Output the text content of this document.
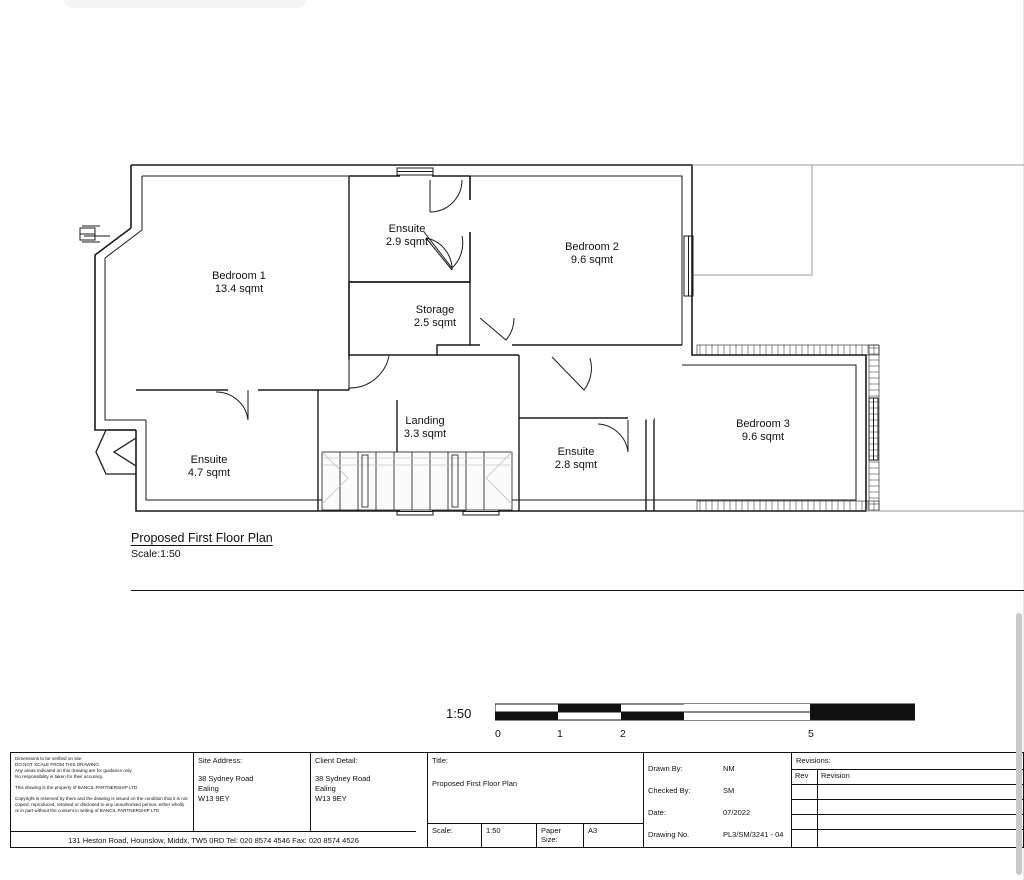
Bedroom 1
13.4 sqmt
Ensuite
2.9 sqmt	Bedroom 2
9.6 sqmt
Storage
2.5 sqmt
Bedroom 3
9.6 sqmt
Landing
3.3 sqmt
Ensuite
2.8 sqmt
Ensuite
4.7 sqmt
Proposed First Floor Plan
Scale:1:50
1:50
0	1	2	5
Dimensions to be verified on site
DO NOT SCALE FROM THIS DRAWING.
Any areas indicated on this drawing are for guidance only.
No responsibility is taken for their accuracy.
This drawing is the property of BANCIL PARTNERSHIP LTD
Copyright is reserved by them and the drawing is issued on the condition that it is not copied, reproduced, retained or disclosed to any unauthorised person, either wholly or in part without the consent in writing of BANCIL PARTNERSHIP LTD
Site Address:
38 Sydney Road
Ealing
W13 9EY
Client Detail:
38 Sydney Road
Ealing
W13 9EY
Title:
Proposed First Floor Plan
Scale:	1:50	Paper Size:
A3
Drawn By:	NM
Checked By:	SM
Date:	07/2022
Drawing No.	PL3/SM/3241 - 04
Revisions:
Rev Revision
131 Heston Road, Hounslow, Middx, TW5 0RD Tel: 020 8574 4546 Fax: 020 8574 4526
